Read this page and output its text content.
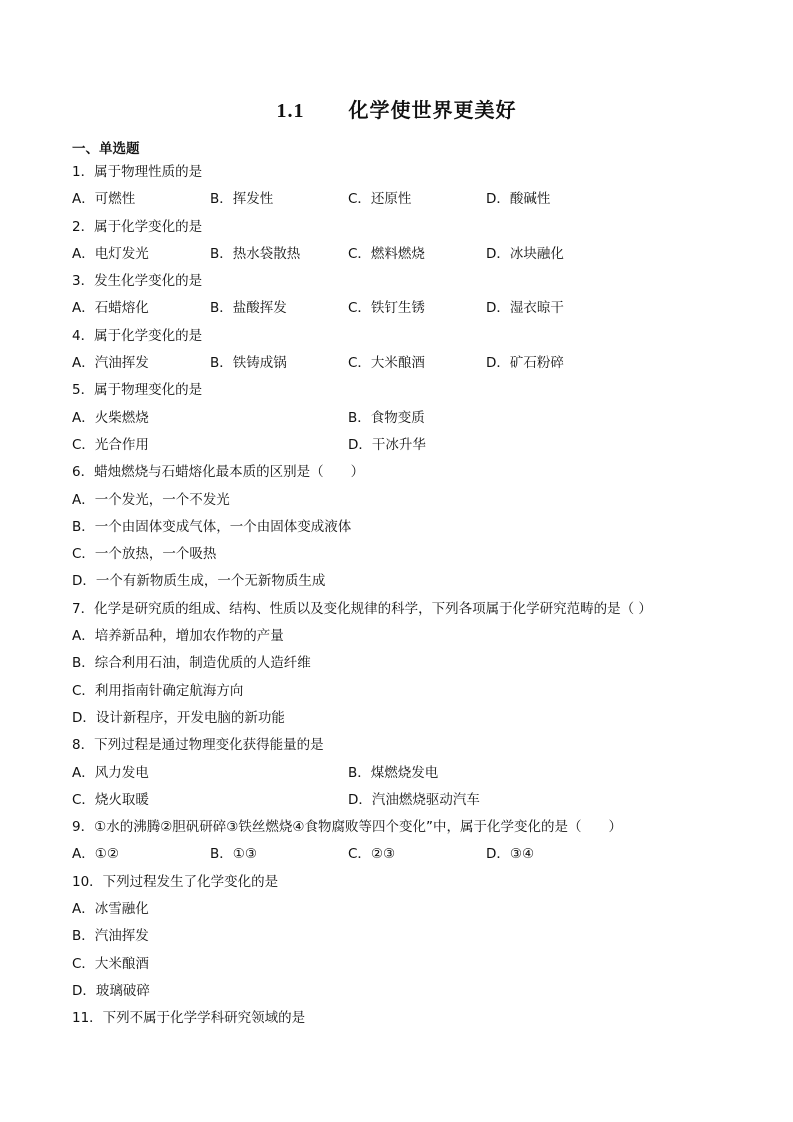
1.1 化学使世界更美好
一、单选题
1．属于物理性质的是
A．可燃性	B．挥发性	C．还原性	D．酸碱性
2．属于化学变化的是
A．电灯发光	B．热水袋散热	C．燃料燃烧	D．冰块融化
3．发生化学变化的是
A．石蜡熔化	B．盐酸挥发	C．铁钉生锈	D．湿衣晾干
4．属于化学变化的是
A．汽油挥发	B．铁铸成锅	C．大米酿酒	D．矿石粉碎
5．属于物理变化的是
A．火柴燃烧	B．食物变质
C．光合作用	D．干冰升华
6．蜡烛燃烧与石蜡熔化最本质的区别是（　　）
A．一个发光，一个不发光
B．一个由固体变成气体，一个由固体变成液体
C．一个放热，一个吸热
D．一个有新物质生成，一个无新物质生成
7．化学是研究质的组成、结构、性质以及变化规律的科学，下列各项属于化学研究范畴的是（ ）
A．培养新品种，增加农作物的产量
B．综合利用石油，制造优质的人造纤维
C．利用指南针确定航海方向
D．设计新程序，开发电脑的新功能
8．下列过程是通过物理变化获得能量的是
A．风力发电	B．煤燃烧发电
C．烧火取暖	D．汽油燃烧驱动汽车
9．①水的沸腾②胆矾研碎③铁丝燃烧④食物腐败等四个变化”中，属于化学变化的是（　　）
A．①②	B．①③	C．②③	D．③④
10．下列过程发生了化学变化的是
A．冰雪融化
B．汽油挥发
C．大米酿酒
D．玻璃破碎
11．下列不属于化学学科研究领域的是
